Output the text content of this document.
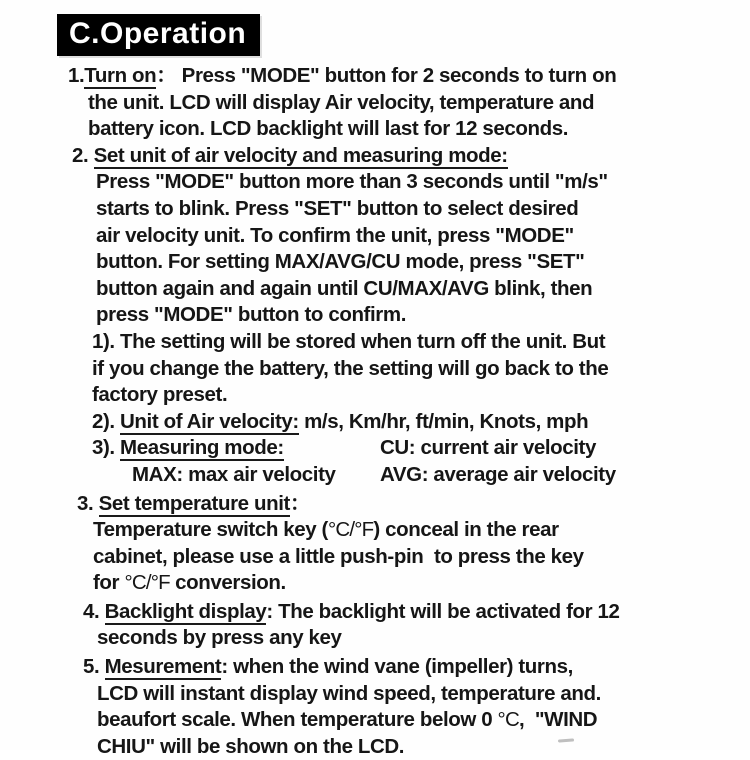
C.Operation
1.Turn on： Press "MODE" button for 2 seconds to turn on
the unit. LCD will display Air velocity, temperature and
battery icon. LCD backlight will last for 12 seconds.
2. Set unit of air velocity and measuring mode:
Press "MODE" button more than 3 seconds until "m/s"
starts to blink. Press "SET" button to select desired
air velocity unit. To confirm the unit, press "MODE"
button. For setting MAX/AVG/CU mode, press "SET"
button again and again until CU/MAX/AVG blink, then
press "MODE" button to confirm.
1). The setting will be stored when turn off the unit. But
if you change the battery, the setting will go back to the
factory preset.
2). Unit of Air velocity: m/s, Km/hr, ft/min, Knots, mph
3). Measuring mode:	CU: current air velocity
MAX: max air velocity	AVG: average air velocity
3. Set temperature unit：
Temperature switch key (°C/°F) conceal in the rear
cabinet, please use a little push-pin  to press the key
for °C/°F conversion.
4. Backlight display: The backlight will be activated for 12
seconds by press any key
5. Mesurement: when the wind vane (impeller) turns,
LCD will instant display wind speed, temperature and.
beaufort scale. When temperature below 0 °C,  "WIND
CHIU" will be shown on the LCD.
